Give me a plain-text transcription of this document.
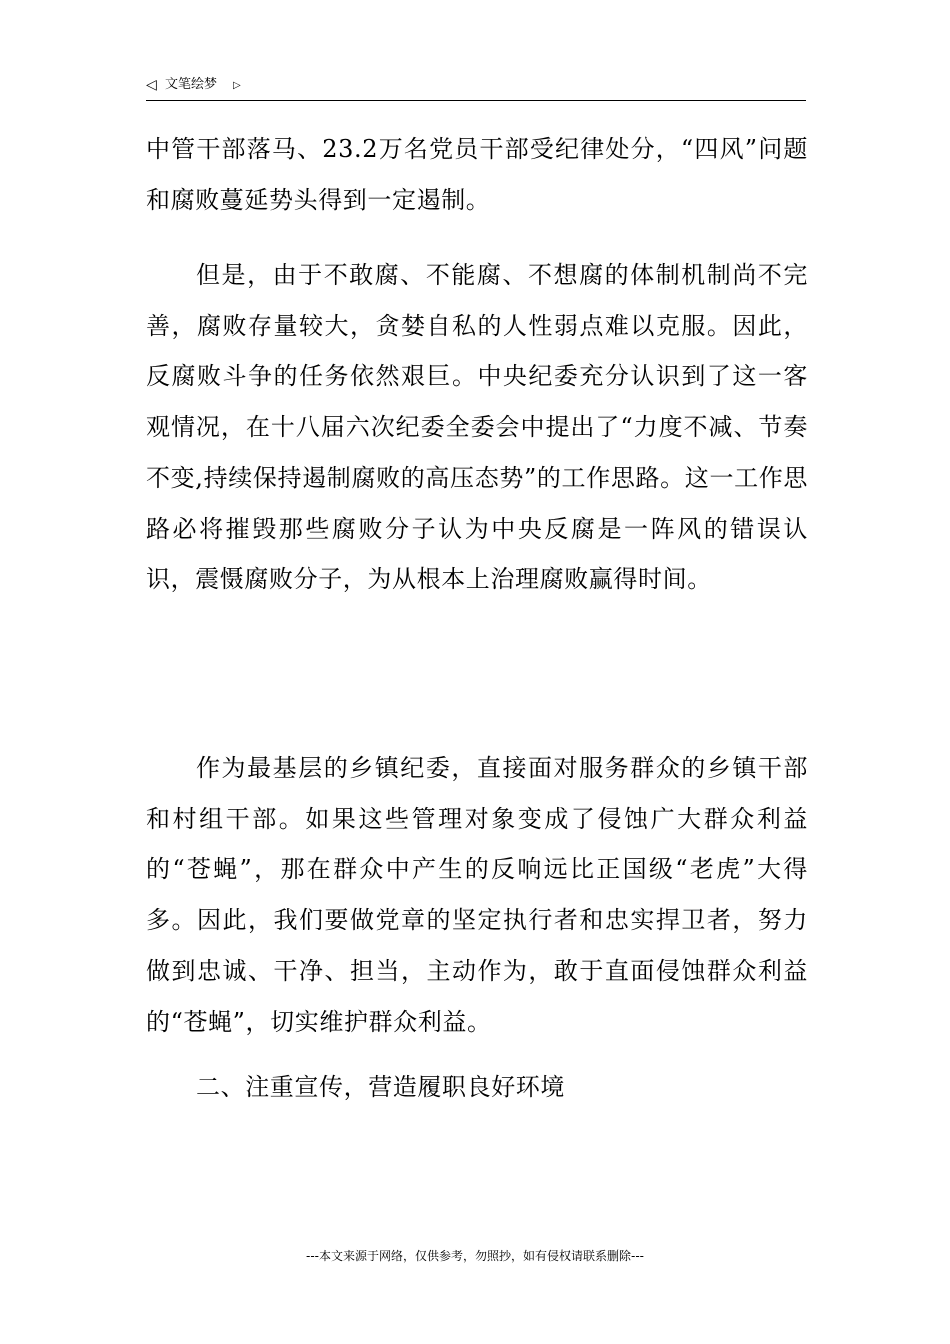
◁ 文笔绘梦 ▷

中管干部落马、23.2万名党员干部受纪律处分，“四风”问题和腐败蔓延势头得到一定遏制。

但是，由于不敢腐、不能腐、不想腐的体制机制尚不完善，腐败存量较大，贪婪自私的人性弱点难以克服。因此，反腐败斗争的任务依然艰巨。中央纪委充分认识到了这一客观情况，在十八届六次纪委全委会中提出了“力度不减、节奏不变,持续保持遏制腐败的高压态势”的工作思路。这一工作思路必将摧毁那些腐败分子认为中央反腐是一阵风的错误认识，震慑腐败分子，为从根本上治理腐败赢得时间。

作为最基层的乡镇纪委，直接面对服务群众的乡镇干部和村组干部。如果这些管理对象变成了侵蚀广大群众利益的“苍蝇”，那在群众中产生的反响远比正国级“老虎”大得多。因此，我们要做党章的坚定执行者和忠实捍卫者，努力做到忠诚、干净、担当，主动作为，敢于直面侵蚀群众利益的“苍蝇”，切实维护群众利益。

二、注重宣传，营造履职良好环境

---本文来源于网络，仅供参考，勿照抄，如有侵权请联系删除---
